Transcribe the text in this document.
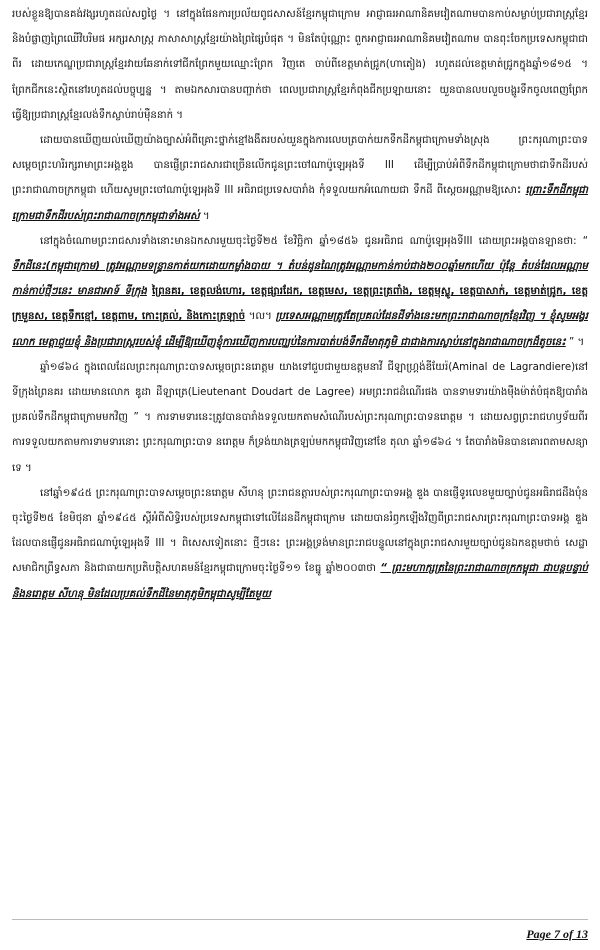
របស់ខ្លួនឱ្យបានគង់វង្សរហូតដល់សព្វថ្ងៃ ។ នៅក្នុងផែនការប្រល័យពូជសាសន៍ខ្មែរកម្ពុជាក្រោម អាជ្ញាធរអាណានិគមវៀតណាមបានកាប់សម្លាប់ប្រជារាស្ត្រខ្មែរ និងបំផ្លាញព្រៃឈើវិបរិមផ អក្សរសាស្ត្រ ភាសាសាស្ត្រខ្មែរយ៉ាងព្រៃផ្សៃបំផុត ។ មិនតែប៉ុណ្ណោះ ពួកអាជ្ញាធរអាណានិគមវៀតណាម បានពុះចែកប្រទេសកម្ពុជាជាពីរ ដោយកេណ្ឌប្រជារាស្ត្រខ្មែរវាយឆែនាក់ទៅជីកព្រែកមួយឈ្មោះព្រែក វិញតេ ចាប់ពីខេត្តមាត់ជ្រូក(ហាតៀង) រហូតដល់ខេត្តមាត់ជ្រូកក្នុងឆ្នាំ១៨១៥ ។ ព្រែកជីកនេះស្ថិតនៅរហូតដល់បច្ចុប្បន្ន ។ តាមឯកសារបានបញ្ជាក់ថា ពេលប្រជារាស្ត្រខ្មែរកំពុងជីកប្រឡាយនោះ យួនបានលបលួចបង្ហូរទឹកចូលពេញព្រែកធ្វើឱ្យប្រជារាស្ត្រខ្មែរលង់ទឹកស្លាប់រាប់ម៉ឺននាក់ ។

ដោយបានឃើញយល់ឃើញយ៉ាងច្បាស់អំពីគ្រោះថ្នាក់ខ្មៅងងឹតរបស់យួនក្នុងការលេបត្របាក់យកទឹកដីកម្ពុជាក្រោមទាំងស្រុង ព្រះករុណាព្រះបាទសម្ដេចព្រះហរិរក្សរាមាព្រះអង្គឌួង បានផ្ញើព្រះរាជសារជាច្រើនលើកជូនព្រះចៅណាប៉ូឡេអុងទី III ដើម្បីប្រាប់អំពីទឹកដីកម្ពុជាក្រោមថាជាទឹកដីរបស់ព្រះរាជាណាចក្រកម្ពុជា ហើយសូមព្រះចៅណាប៉ូឡេអុងទី III អធិរាជប្រទេសបារាំង កុំទទួលយកអំណោយជា ទឹកដី ពីស្ដេចអណ្ណាមឱ្យសោះ ព្រោះទឹកដីកម្ពុជាក្រោមជាទឹកដីរបស់ព្រះរាជាណាចក្រកម្ពុជាទាំងអស់ ។

នៅក្នុងចំណោមព្រះរាជសារទាំងនោះមានឯកសារមួយចុះថ្ងៃទី២៥ ខែវិច្ឆិកា ឆ្នាំ១៨៥៦ ជូនអធិរាជ ណាប៉ូឡេអុងទីIII ដោយព្រះអង្គបានឡានថា: “ ទឹកដីនេះ(កម្ពុជាក្រោម) ត្រូវអណ្ណាមទន្ទ្រានកាត់យកដោយកម្លាំងបាយ ។ តំបន់ដូនណៃត្រូវអណ្ណាមកាន់កាប់ជាង២០០ឆ្នាំមកហើយ ប៉ុន្តែ តំបន់ដែលអណ្ណាមកាន់កាប់ថ្មីៗនេះ មានជាអាទ៍ ទីក្រុង ព្រៃនគរ, ខេត្តលង់ហោរ, ខេត្តផ្សារដែក, ខេត្តមេស, ខេត្តព្រះត្រពាំង, ខេត្តមុស្លូ, ខេត្តបាសាក់, ខេត្តមាត់ជ្រូក, ខេត្តក្រមួនស, ខេត្តទឹកខ្មៅ, ខេត្តពាម, កោះត្រល់, និងកោះត្រឡាច់ ។ល។ ប្រទេសអណ្ណាមត្រូវតែប្រគល់ដែនដីទាំងនេះមកព្រះរាជាណាចក្រខ្មែរវិញ ។ ខ្ញុំសូមអង្វរលោក មេត្តាជួយខ្ញុំ និងប្រជារាស្ត្ររបស់ខ្ញុំ ដើម្បីឱ្យឃើញខ្ញុំការឃើញការបញ្ឈប់នៃការបាត់បង់ទឹកដីមាតុភូមិ ជាជាងការស្លាប់នៅក្នុងរាជាណាចក្រដ៏តូចនេះ ” ។

ឆ្នាំ១៨៦៤ ក្នុងពេលដែលព្រះករុណាព្រះបាទសម្ដេចព្រះនរោត្តម យាងទៅជួបជាមួយឧត្តមនាវី ជីឡាហ្គ្រង់ឌីយែរ៉(Aminal de Lagrandiere)នៅទីក្រុងព្រៃនគរ ដោយមានលោក ឌូដា ដឺឡាត្រេ(Lieutenant Doudart de Lagree) អមព្រះរាជដំណើរផង បានទាមទារយ៉ាងម៉ឺងម៉ាត់បំផុតឱ្យបារាំងប្រគល់ទឹកដីកម្ពុជាក្រោមមកវិញ ” ។ ការទាមទារនេះត្រូវបានបារាំងទទួលយកតាមសំណើរបស់ព្រះករុណាព្រះបាទនរោត្តម ។ ដោយសព្វព្រះរាជហឫទ័យពីរការទទួលយកតាមការទាមទារនោះ ព្រះករុណាព្រះបាទ នរោត្តម ក៏ទ្រង់យាងត្រឡប់មកកម្ពុជាវិញនៅខែ តុលា ឆ្នាំ១៨៦៤ ។ តែបារាំងមិនបានគោរពតាមសន្យាទេ ។

នៅឆ្នាំ១៩៤៥ ព្រះករុណាព្រះបាទសម្ដេចព្រះនរោត្តម សីហនុ ព្រះរាជនត្តារបស់ព្រះករុណាព្រះបាទអង្គ ឌួង បានផ្ញើទូរលេខមួយច្បាប់ជូនអធិរាជដឹងបុំន ចុះថ្ងៃទី២៥ ខែមិថុនា ឆ្នាំ១៩៤៥ ស្តីអំពីសិទ្ធិរបស់ប្រទេសកម្ពុជាទៅលើដែនដីកម្ពុជាក្រោម ដោយបានរំឭកឡើងវិញពីព្រះរាជសារព្រះករុណាព្រះបាទអង្គ ឌួង ដែលបានផ្ញើជូនអធិរាជណាប៉ូឡេអុងទី III ។ ពិសេសទៀតនោះ ថ្មីៗនេះ ព្រះអង្គទ្រង់មានព្រះរាជបន្ទូលនៅក្នុងព្រះរាជសារមួយច្បាប់ជូនឯកឧត្តមថាច់ សេដ្ឋា សមាជិកព្រឹទ្ធសភា និងជាធាយកប្រតិបត្តិសហគមន៍ខ្មែរកម្ពុជាក្រោមចុះថ្ងៃទី១១ ខែធ្នូ ឆ្នាំ២០០៣ថា “ ព្រះមហាក្សត្រនៃព្រះរាជាណាចក្រកម្ពុជា ជាបន្តបន្ទាប់ និងនរោត្តម សីហនុ មិនដែលប្រគល់ទឹកដីនៃមាតុភូមិកម្ពុជាសូម្បីតែមួយ

Page 7 of 13
